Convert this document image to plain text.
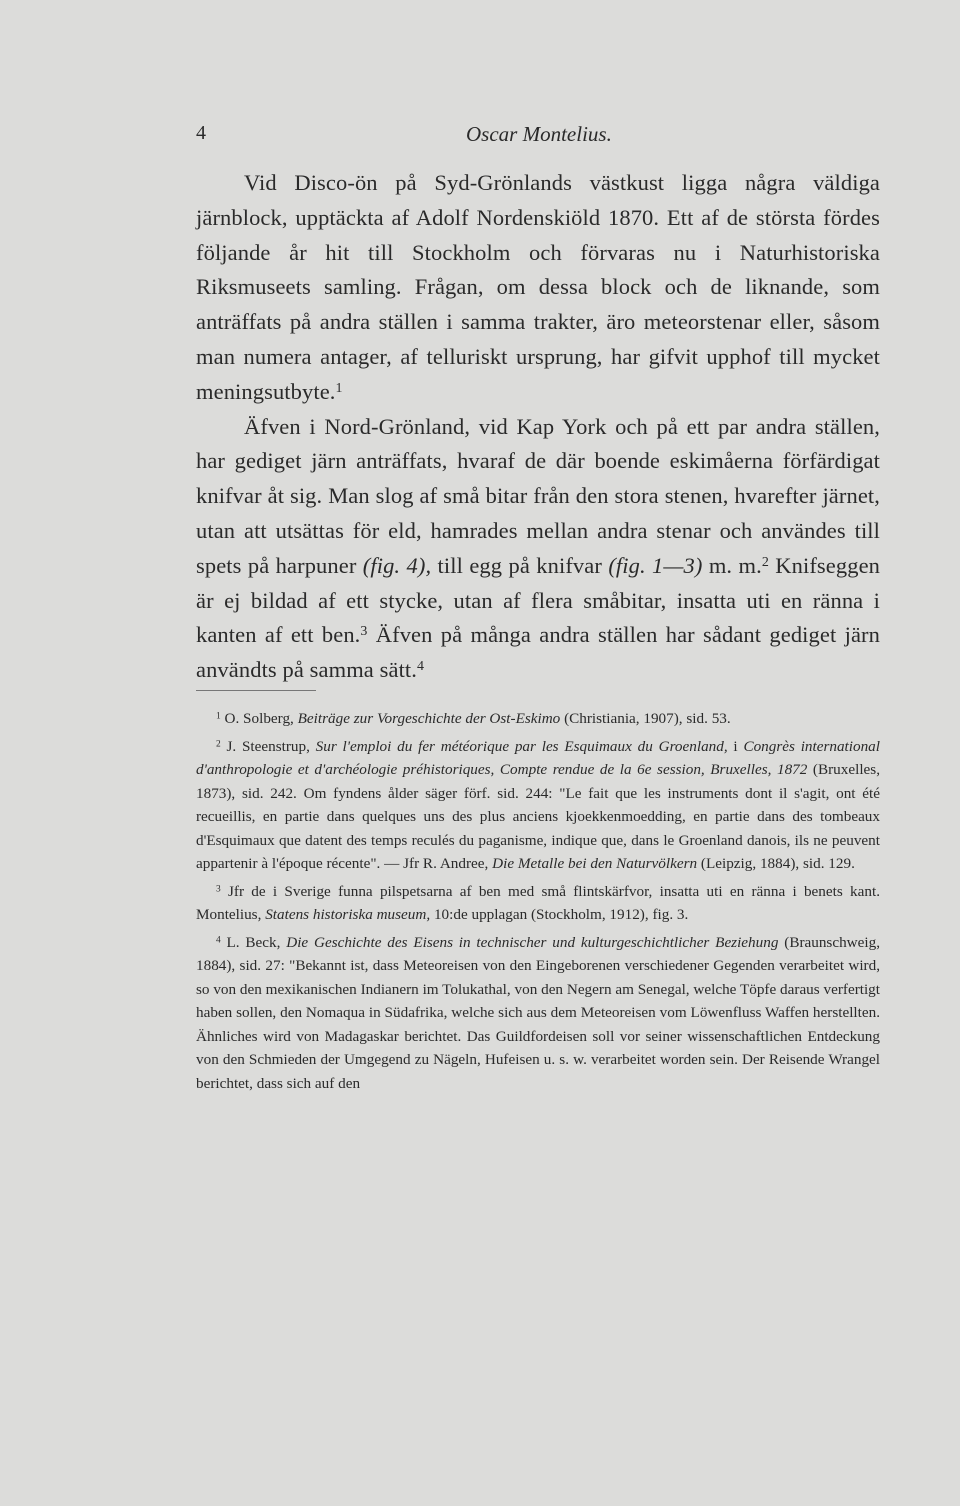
4	Oscar Montelius.

Vid Disco-ön på Syd-Grönlands västkust ligga några väldiga järnblock, upptäckta af Adolf Nordenskiöld 1870. Ett af de största fördes följande år hit till Stockholm och förvaras nu i Naturhistoriska Riksmuseets samling. Frågan, om dessa block och de liknande, som anträffats på andra ställen i samma trakter, äro meteorstenar eller, såsom man numera antager, af telluriskt ursprung, har gifvit upphof till mycket meningsutbyte.$^1$

Äfven i Nord-Grönland, vid Kap York och på ett par andra ställen, har gediget järn anträffats, hvaraf de där boende eskimåerna förfärdigat knifvar åt sig. Man slog af små bitar från den stora stenen, hvarefter järnet, utan att utsättas för eld, hamrades mellan andra stenar och användes till spets på harpuner (fig. 4), till egg på knifvar (fig. 1—3) m. m.$^2$ Knifseggen är ej bildad af ett stycke, utan af flera småbitar, insatta uti en ränna i kanten af ett ben.$^3$ Äfven på många andra ställen har sådant gediget järn användts på samma sätt.$^4$

$^1$ O. Solberg, Beiträge zur Vorgeschichte der Ost-Eskimo (Christiania, 1907), sid. 53.

$^2$ J. Steenstrup, Sur l'emploi du fer météorique par les Esquimaux du Groenland, i Congrès international d'anthropologie et d'archéologie préhistoriques, Compte rendue de la 6e session, Bruxelles, 1872 (Bruxelles, 1873), sid. 242. Om fyndens ålder säger förf. sid. 244: "Le fait que les instruments dont il s'agit, ont été recueillis, en partie dans quelques uns des plus anciens kjoekkenmoedding, en partie dans des tombeaux d'Esquimaux que datent des temps reculés du paganisme, indique que, dans le Groenland danois, ils ne peuvent appartenir à l'époque récente". — Jfr R. Andree, Die Metalle bei den Naturvölkern (Leipzig, 1884), sid. 129.

$^3$ Jfr de i Sverige funna pilspetsarna af ben med små flintskärfvor, insatta uti en ränna i benets kant. Montelius, Statens historiska museum, 10:de upplagan (Stockholm, 1912), fig. 3.

$^4$ L. Beck, Die Geschichte des Eisens in technischer und kulturgeschichtlicher Beziehung (Braunschweig, 1884), sid. 27: "Bekannt ist, dass Meteoreisen von den Eingeborenen verschiedener Gegenden verarbeitet wird, so von den mexikanischen Indianern im Tolukathal, von den Negern am Senegal, welche Töpfe daraus verfertigt haben sollen, den Nomaqua in Südafrika, welche sich aus dem Meteoreisen vom Löwenfluss Waffen herstellten. Ähnliches wird von Madagaskar berichtet. Das Guildfordeisen soll vor seiner wissenschaftlichen Entdeckung von den Schmieden der Umgegend zu Nägeln, Hufeisen u. s. w. verarbeitet worden sein. Der Reisende Wrangel berichtet, dass sich auf den
